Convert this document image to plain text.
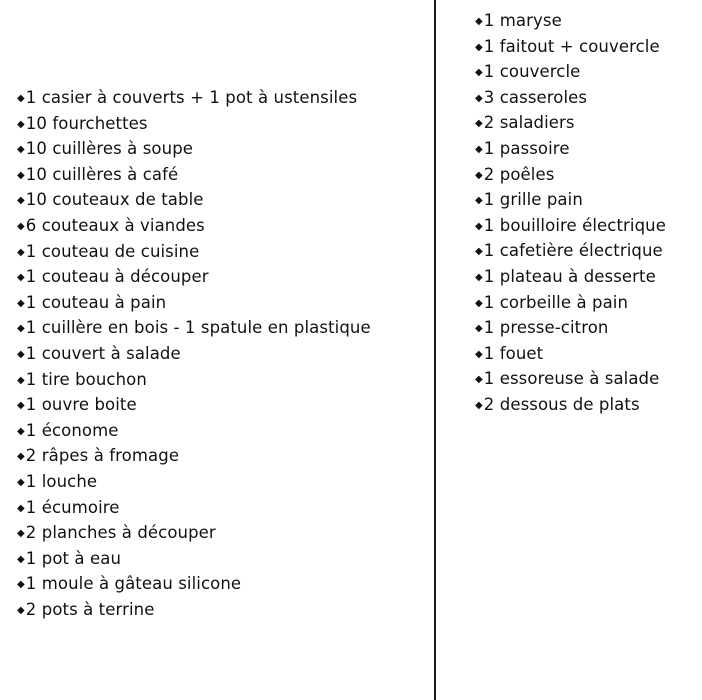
◆1 casier à couverts + 1 pot à ustensiles
◆10 fourchettes
◆10 cuillères à soupe
◆10 cuillères à café
◆10 couteaux de table
◆6 couteaux à viandes
◆1 couteau de cuisine
◆1 couteau à découper
◆1 couteau à pain
◆1 cuillère en bois - 1 spatule en plastique
◆1 couvert à salade
◆1 tire bouchon
◆1 ouvre boite
◆1 économe
◆2 râpes à fromage
◆1 louche
◆1 écumoire
◆2 planches à découper
◆1 pot à eau
◆1 moule à gâteau silicone
◆2 pots à terrine
◆1 maryse
◆1 faitout + couvercle
◆1 couvercle
◆3 casseroles
◆2 saladiers
◆1 passoire
◆2 poêles
◆1 grille pain
◆1 bouilloire électrique
◆1 cafetière électrique
◆1 plateau à desserte
◆1 corbeille à pain
◆1 presse-citron
◆1 fouet
◆1 essoreuse à salade
◆2 dessous de plats
